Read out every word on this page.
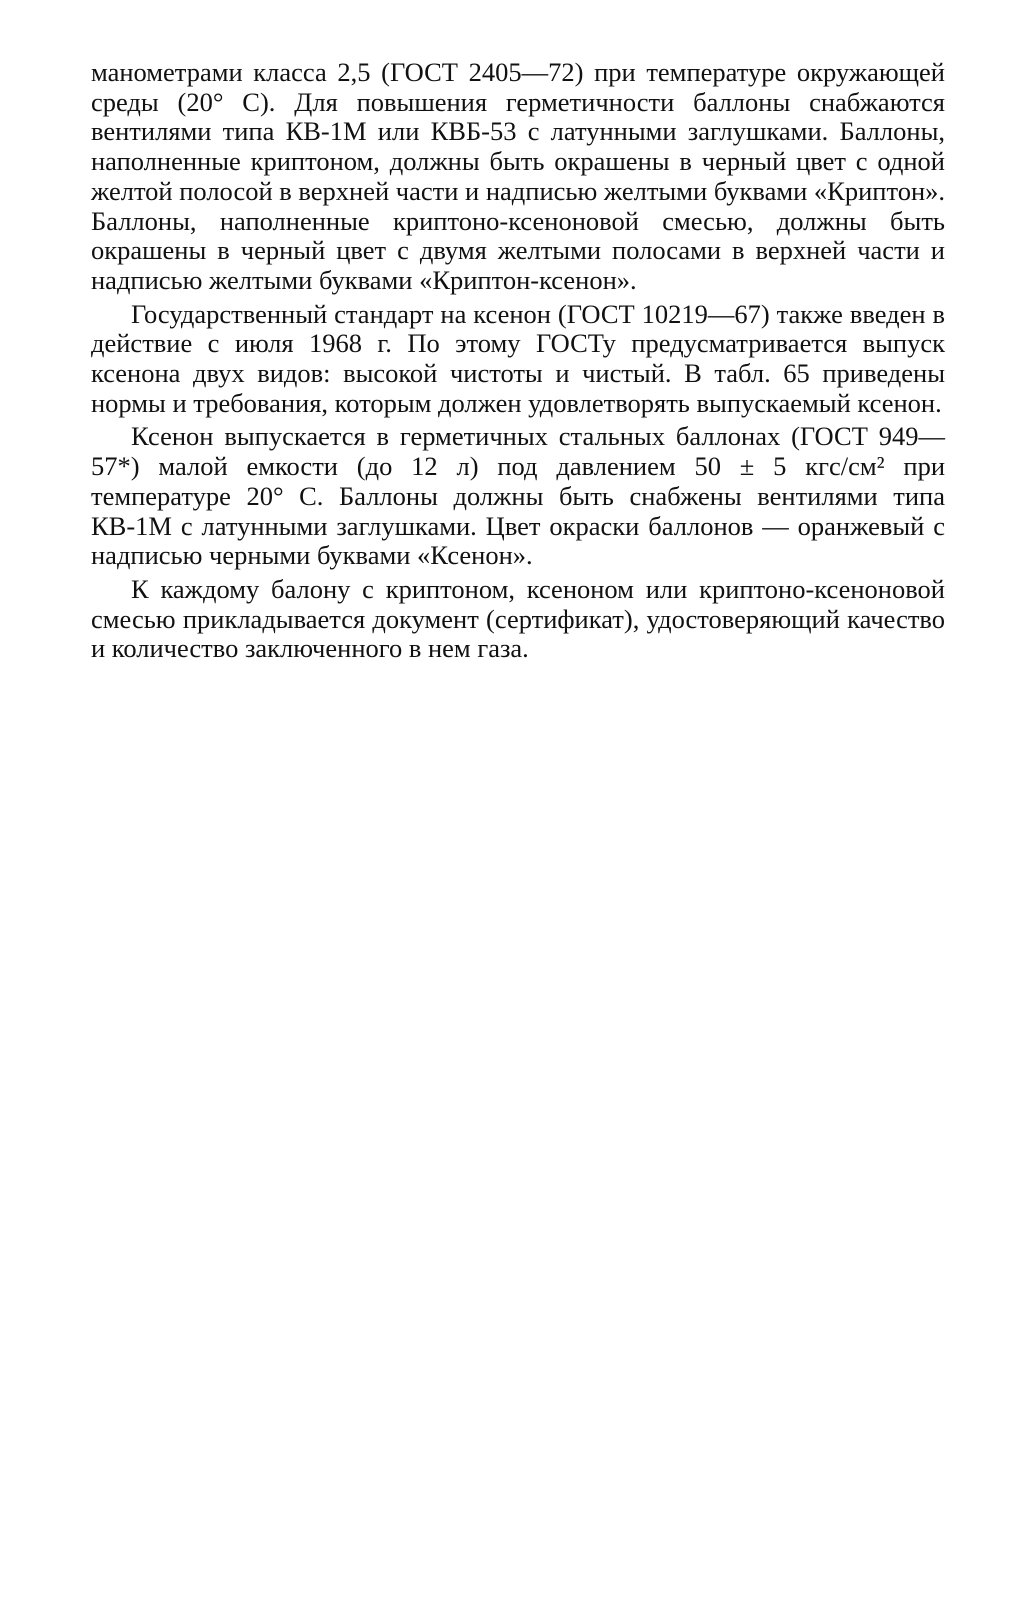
манометрами класса 2,5 (ГОСТ 2405—72) при температуре окружающей среды (20° С). Для повышения герметичности баллоны снабжаются вентилями типа КВ-1М или КВБ-53 с латунными заглушками. Баллоны, наполненные криптоном, должны быть окрашены в черный цвет с одной желтой полосой в верхней части и надписью желтыми буквами «Криптон». Баллоны, наполненные криптоно-ксеноновой смесью, должны быть окрашены в черный цвет с двумя желтыми полосами в верхней части и надписью желтыми буквами «Криптон-ксенон».

Государственный стандарт на ксенон (ГОСТ 10219—67) также введен в действие с июля 1968 г. По этому ГОСТу предусматривается выпуск ксенона двух видов: высокой чистоты и чистый. В табл. 65 приведены нормы и требования, которым должен удовлетворять выпускаемый ксенон.

Ксенон выпускается в герметичных стальных баллонах (ГОСТ 949—57*) малой емкости (до 12 л) под давлением 50 ± 5 кгс/см² при температуре 20° С. Баллоны должны быть снабжены вентилями типа КВ-1М с латунными заглушками. Цвет окраски баллонов — оранжевый с надписью черными буквами «Ксенон».

К каждому балону с криптоном, ксеноном или криптоно-ксеноновой смесью прикладывается документ (сертификат), удостоверяющий качество и количество заключенного в нем газа.
